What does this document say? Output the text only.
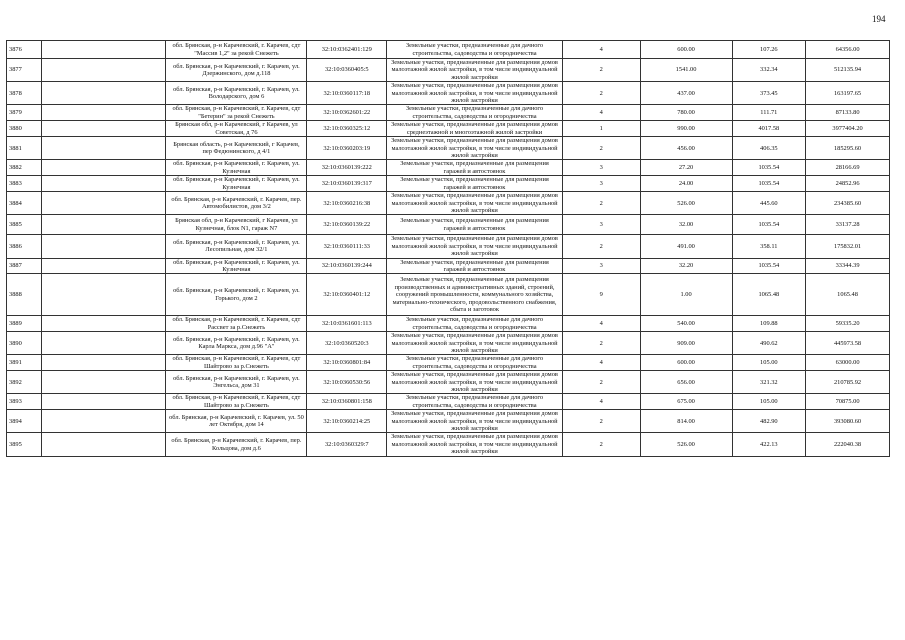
194
3876		обл. Брянская, р-н Карачевский, г. Карачев, сдт "Массив 1,2" за рекой Снежеть	32:10:0362401:129	Земельные участки, предназначенные для дачного строительства, садоводства и огородничества	4	600.00	107.26	64356.00
3877		обл. Брянская, р-н Карачевский, г. Карачев, ул. Дзержинского, дом д.118	32:10:0360405:5	Земельные участки, предназначенные для размещения домов малоэтажной жилой застройки, в том числе индивидуальной жилой застройки	2	1541.00	332.34	512135.94
3878		обл. Брянская, р-н Карачевский, г. Карачев, ул. Володарского, дом 6	32:10:0360117:18	Земельные участки, предназначенные для размещения домов малоэтажной жилой застройки, в том числе индивидуальной жилой застройки	2	437.00	373.45	163197.65
3879		обл. Брянская, р-н Карачевский, г. Карачев, сдт "Бетерин" за рекой Снежеть	32:10:0362601:22	Земельные участки, предназначенные для дачного строительства, садоводства и огородничества	4	780.00	111.71	87133.80
3880		Брянская обл, р-н Карачевский, г Карачев, ул Советская, д 76	32:10:0360325:12	Земельные участки, предназначенные для размещения домов среднеэтажной и многоэтажной жилой застройки	1	990.00	4017.58	3977404.20
3881		Брянская область, р-н Карачевский, г Карачев, пер Федюнинского, д 4/1	32:10:0360203:19	Земельные участки, предназначенные для размещения домов малоэтажной жилой застройки, в том числе индивидуальной жилой застройки	2	456.00	406.35	185295.60
3882		обл. Брянская, р-н Карачевский, г. Карачев, ул. Кузнечная	32:10:0360139:222	Земельные участки, предназначенные для размещения гаражей и автостоянок	3	27.20	1035.54	28166.69
3883		обл. Брянская, р-н Карачевский, г. Карачев, ул. Кузнечная	32:10:0360139:317	Земельные участки, предназначенные для размещения гаражей и автостоянок	3	24.00	1035.54	24852.96
3884		обл. Брянская, р-н Карачевский, г. Карачев, пер. Автомобилистов, дом 3/2	32:10:0360216:38	Земельные участки, предназначенные для размещения домов малоэтажной жилой застройки, в том числе индивидуальной жилой застройки	2	526.00	445.60	234385.60
3885		Брянская обл, р-н Карачевский, г Карачев, ул Кузнечная, блок N1, гараж N7	32:10:0360139:22	Земельные участки, предназначенные для размещения гаражей и автостоянок	3	32.00	1035.54	33137.28
3886		обл. Брянская, р-н Карачевский, г. Карачев, ул. Лесопильная, дом 32/1	32:10:0360111:33	Земельные участки, предназначенные для размещения домов малоэтажной жилой застройки, в том числе индивидуальной жилой застройки	2	491.00	358.11	175832.01
3887		обл. Брянская, р-н Карачевский, г. Карачев, ул. Кузнечная	32:10:0360139:244	Земельные участки, предназначенные для размещения гаражей и автостоянок	3	32.20	1035.54	33344.39
3888		обл. Брянская, р-н Карачевский, г. Карачев, ул. Горького, дом 2	32:10:0360401:12	Земельные участки, предназначенные для размещения производственных и административных зданий, строений, сооружений промышленности, коммунального хозяйства, материально-технического, продовольственного снабжения, сбыта и заготовок	9	1.00	1065.48	1065.48
3889		обл. Брянская, р-н Карачевский, г. Карачев, сдт Рассвет за р.Снежеть	32:10:0361601:113	Земельные участки, предназначенные для дачного строительства, садоводства и огородничества	4	540.00	109.88	59335.20
3890		обл. Брянская, р-н Карачевский, г. Карачев, ул. Карла Маркса, дом д.96 "А"	32:10:0360520:3	Земельные участки, предназначенные для размещения домов малоэтажной жилой застройки, в том числе индивидуальной жилой застройки	2	909.00	490.62	445973.58
3891		обл. Брянская, р-н Карачевский, г. Карачев, сдт Шайтрово за р.Снежеть	32:10:0360801:84	Земельные участки, предназначенные для дачного строительства, садоводства и огородничества	4	600.00	105.00	63000.00
3892		обл. Брянская, р-н Карачевский, г. Карачев, ул. Энгельса, дом 31	32:10:0360530:56	Земельные участки, предназначенные для размещения домов малоэтажной жилой застройки, в том числе индивидуальной жилой застройки	2	656.00	321.32	210785.92
3893		обл. Брянская, р-н Карачевский, г. Карачев, сдт Шайтрово за р.Снежеть	32:10:0360801:158	Земельные участки, предназначенные для дачного строительства, садоводства и огородничества	4	675.00	105.00	70875.00
3894		обл. Брянская, р-н Карачевский, г. Карачев, ул. 50 лет Октября, дом 14	32:10:0360214:25	Земельные участки, предназначенные для размещения домов малоэтажной жилой застройки, в том числе индивидуальной жилой застройки	2	814.00	482.90	393080.60
3895		обл. Брянская, р-н Карачевский, г. Карачев, пер. Кольцова, дом д.6	32:10:0360329:7	Земельные участки, предназначенные для размещения домов малоэтажной жилой застройки, в том числе индивидуальной жилой застройки	2	526.00	422.13	222040.38
